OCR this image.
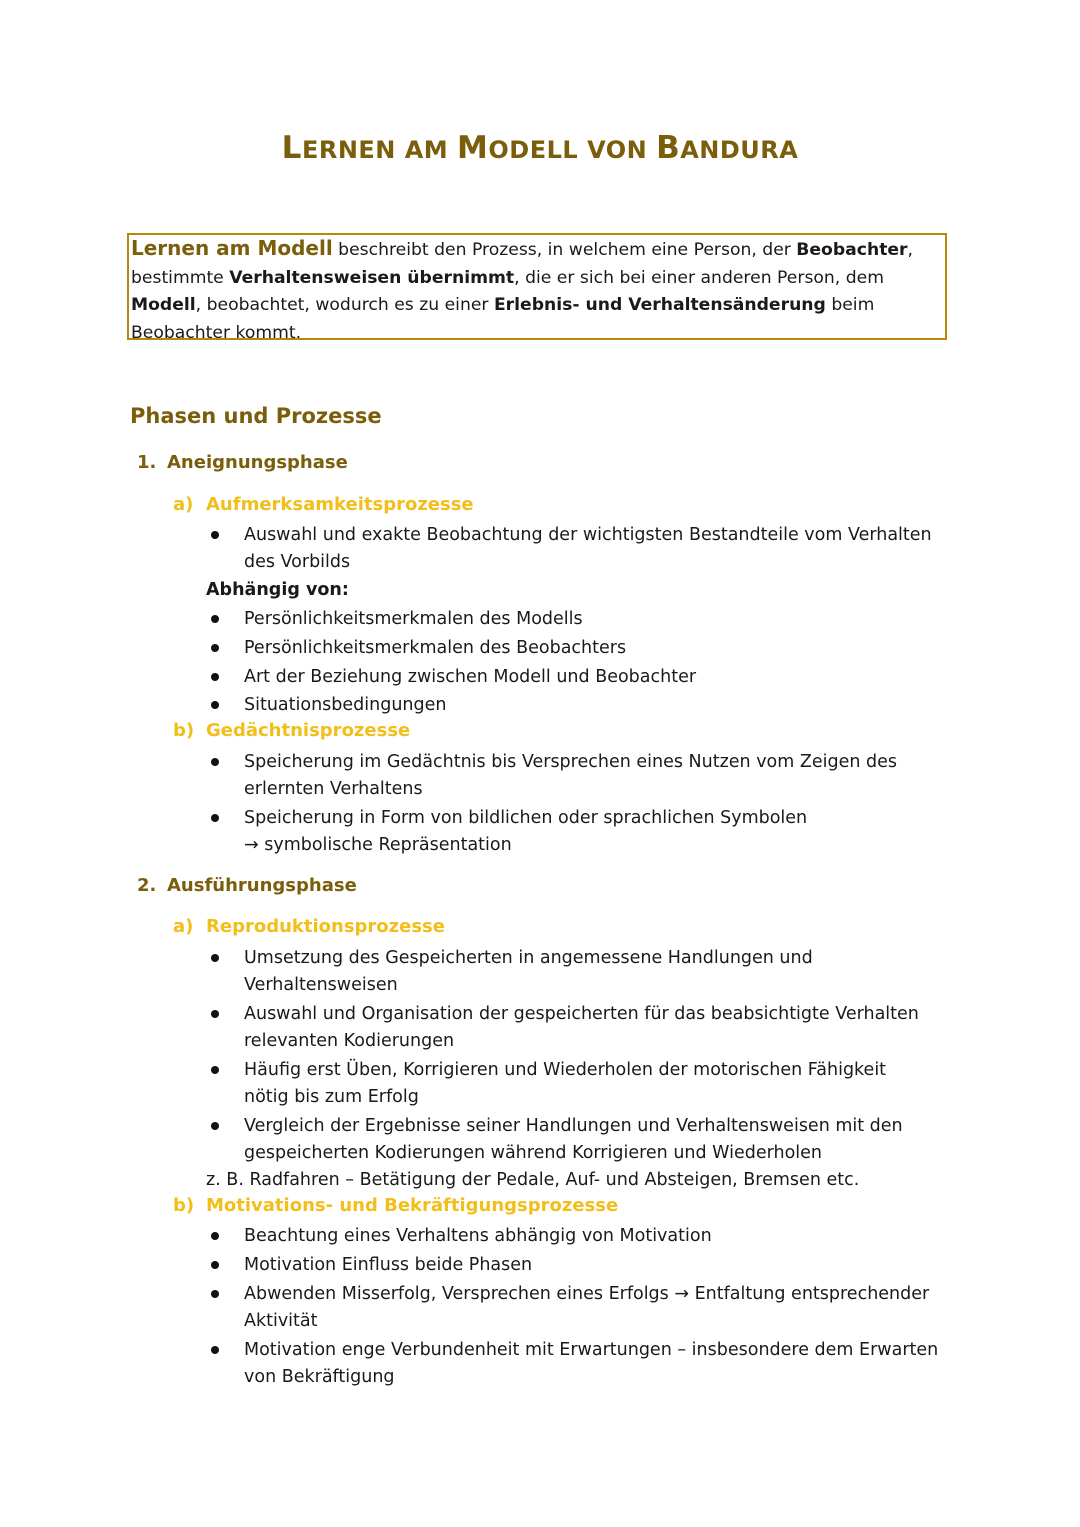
LERNEN AM MODELL VON BANDURA
Lernen am Modell beschreibt den Prozess, in welchem eine Person, der Beobachter,
bestimmte Verhaltensweisen übernimmt, die er sich bei einer anderen Person, dem
Modell, beobachtet, wodurch es zu einer Erlebnis- und Verhaltensänderung beim
Beobachter kommt.
Phasen und Prozesse
1. Aneignungsphase
a) Aufmerksamkeitsprozesse
Auswahl und exakte Beobachtung der wichtigsten Bestandteile vom Verhalten
des Vorbilds
Abhängig von:
Persönlichkeitsmerkmalen des Modells
Persönlichkeitsmerkmalen des Beobachters
Art der Beziehung zwischen Modell und Beobachter
Situationsbedingungen
b) Gedächtnisprozesse
Speicherung im Gedächtnis bis Versprechen eines Nutzen vom Zeigen des
erlernten Verhaltens
Speicherung in Form von bildlichen oder sprachlichen Symbolen
→ symbolische Repräsentation
2. Ausführungsphase
a) Reproduktionsprozesse
Umsetzung des Gespeicherten in angemessene Handlungen und
Verhaltensweisen
Auswahl und Organisation der gespeicherten für das beabsichtigte Verhalten
relevanten Kodierungen
Häufig erst Üben, Korrigieren und Wiederholen der motorischen Fähigkeit
nötig bis zum Erfolg
Vergleich der Ergebnisse seiner Handlungen und Verhaltensweisen mit den
gespeicherten Kodierungen während Korrigieren und Wiederholen
z. B. Radfahren – Betätigung der Pedale, Auf- und Absteigen, Bremsen etc.
b) Motivations- und Bekräftigungsprozesse
Beachtung eines Verhaltens abhängig von Motivation
Motivation Einfluss beide Phasen
Abwenden Misserfolg, Versprechen eines Erfolgs → Entfaltung entsprechender
Aktivität
Motivation enge Verbundenheit mit Erwartungen – insbesondere dem Erwarten
von Bekräftigung
